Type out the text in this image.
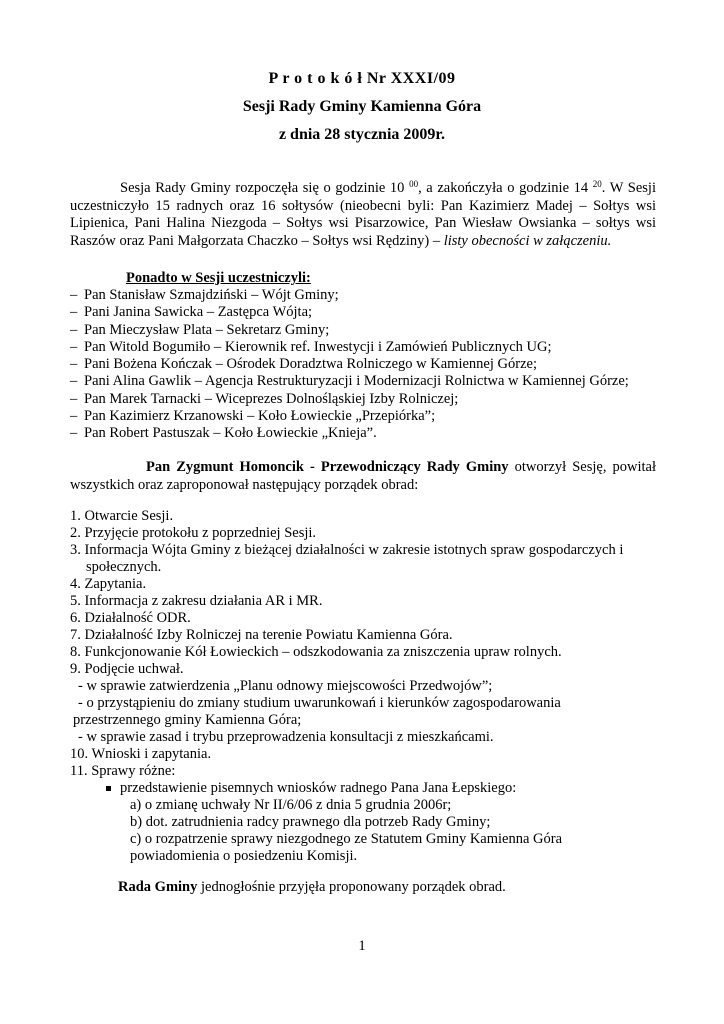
P r o t o k ó ł Nr XXXI/09
Sesji Rady Gminy Kamienna Góra
z dnia 28 stycznia 2009r.

Sesja Rady Gminy rozpoczęła się o godzinie 10 $^{00}$, a zakończyła o godzinie 14 $^{20}$. W Sesji uczestniczyło 15 radnych oraz 16 sołtysów (nieobecni byli: Pan Kazimierz Madej – Sołtys wsi Lipienica, Pani Halina Niezgoda – Sołtys wsi Pisarzowice, Pan Wiesław Owsianka – sołtys wsi Raszów oraz Pani Małgorzata Chaczko – Sołtys wsi Rędziny) – listy obecności w załączeniu.

Ponadto w Sesji uczestniczyli:
– Pan Stanisław Szmajdziński – Wójt Gminy;
– Pani Janina Sawicka – Zastępca Wójta;
– Pan Mieczysław Plata – Sekretarz Gminy;
– Pan Witold Bogumiło – Kierownik ref. Inwestycji i Zamówień Publicznych UG;
– Pani Bożena Kończak – Ośrodek Doradztwa Rolniczego w Kamiennej Górze;
– Pani Alina Gawlik – Agencja Restrukturyzacji i Modernizacji Rolnictwa w Kamiennej Górze;
– Pan Marek Tarnacki – Wiceprezes Dolnośląskiej Izby Rolniczej;
– Pan Kazimierz Krzanowski – Koło Łowieckie „Przepiórka”;
– Pan Robert Pastuszak – Koło Łowieckie „Knieja”.

Pan Zygmunt Homoncik - Przewodniczący Rady Gminy otworzył Sesję, powitał wszystkich oraz zaproponował następujący porządek obrad:

1. Otwarcie Sesji.
2. Przyjęcie protokołu z poprzedniej Sesji.
3. Informacja Wójta Gminy z bieżącej działalności w zakresie istotnych spraw gospodarczych i
społecznych.
4. Zapytania.
5. Informacja z zakresu działania AR i MR.
6. Działalność ODR.
7. Działalność Izby Rolniczej na terenie Powiatu Kamienna Góra.
8. Funkcjonowanie Kół Łowieckich – odszkodowania za zniszczenia upraw rolnych.
9. Podjęcie uchwał.
- w sprawie zatwierdzenia „Planu odnowy miejscowości Przedwojów”;
- o przystąpieniu do zmiany studium uwarunkowań i kierunków zagospodarowania
przestrzennego gminy Kamienna Góra;
- w sprawie zasad i trybu przeprowadzenia konsultacji z mieszkańcami.
10. Wnioski i zapytania.
11. Sprawy różne:
przedstawienie pisemnych wniosków radnego Pana Jana Łepskiego:
a) o zmianę uchwały Nr II/6/06 z dnia 5 grudnia 2006r;
b) dot. zatrudnienia radcy prawnego dla potrzeb Rady Gminy;
c) o rozpatrzenie sprawy niezgodnego ze Statutem Gminy Kamienna Góra
powiadomienia o posiedzeniu Komisji.
Rada Gminy jednogłośnie przyjęła proponowany porządek obrad.
1
